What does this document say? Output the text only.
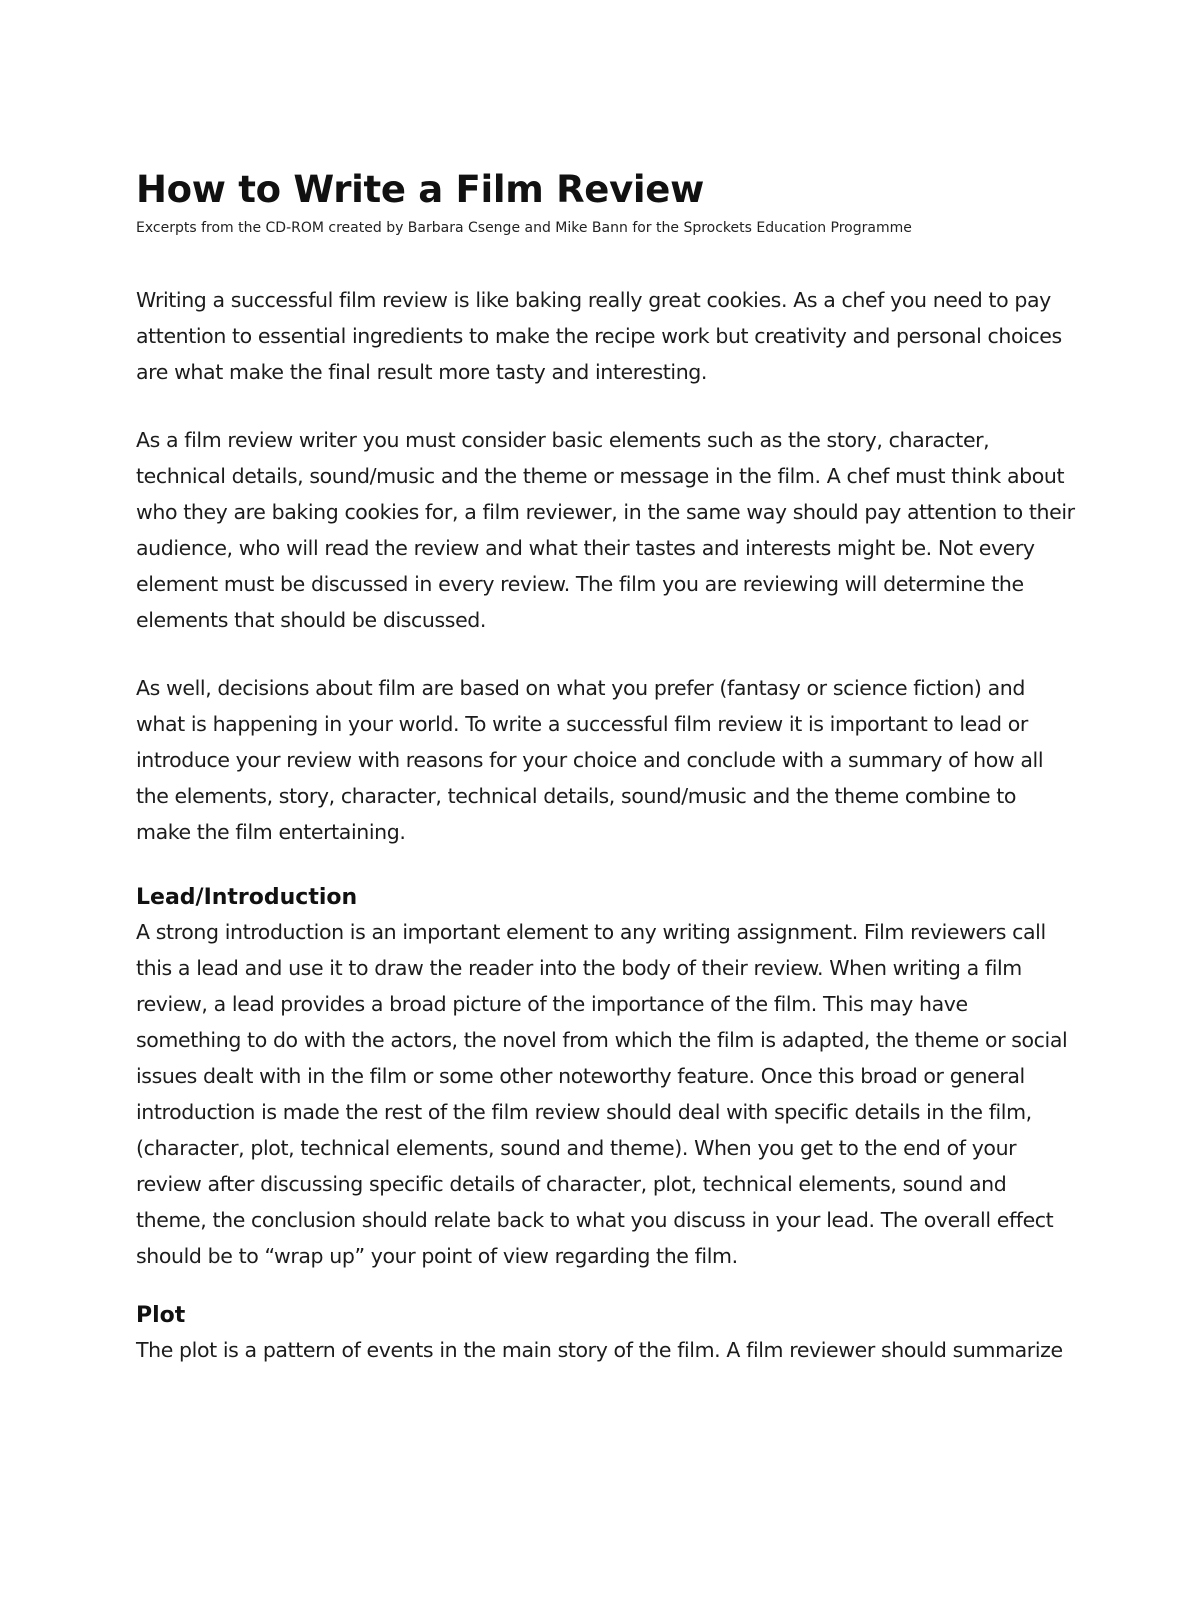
How to Write a Film Review

Excerpts from the CD-ROM created by Barbara Csenge and Mike Bann for the Sprockets Education Programme

Writing a successful film review is like baking really great cookies. As a chef you need to pay attention to essential ingredients to make the recipe work but creativity and personal choices are what make the final result more tasty and interesting.

As a film review writer you must consider basic elements such as the story, character, technical details, sound/music and the theme or message in the film. A chef must think about who they are baking cookies for, a film reviewer, in the same way should pay attention to their audience, who will read the review and what their tastes and interests might be. Not every element must be discussed in every review. The film you are reviewing will determine the elements that should be discussed.

As well, decisions about film are based on what you prefer (fantasy or science fiction) and what is happening in your world. To write a successful film review it is important to lead or introduce your review with reasons for your choice and conclude with a summary of how all the elements, story, character, technical details, sound/music and the theme combine to make the film entertaining.

Lead/Introduction

A strong introduction is an important element to any writing assignment. Film reviewers call this a lead and use it to draw the reader into the body of their review. When writing a film review, a lead provides a broad picture of the importance of the film. This may have something to do with the actors, the novel from which the film is adapted, the theme or social issues dealt with in the film or some other noteworthy feature. Once this broad or general introduction is made the rest of the film review should deal with specific details in the film, (character, plot, technical elements, sound and theme). When you get to the end of your review after discussing specific details of character, plot, technical elements, sound and theme, the conclusion should relate back to what you discuss in your lead. The overall effect should be to “wrap up” your point of view regarding the film.

Plot

The plot is a pattern of events in the main story of the film. A film reviewer should summarize
